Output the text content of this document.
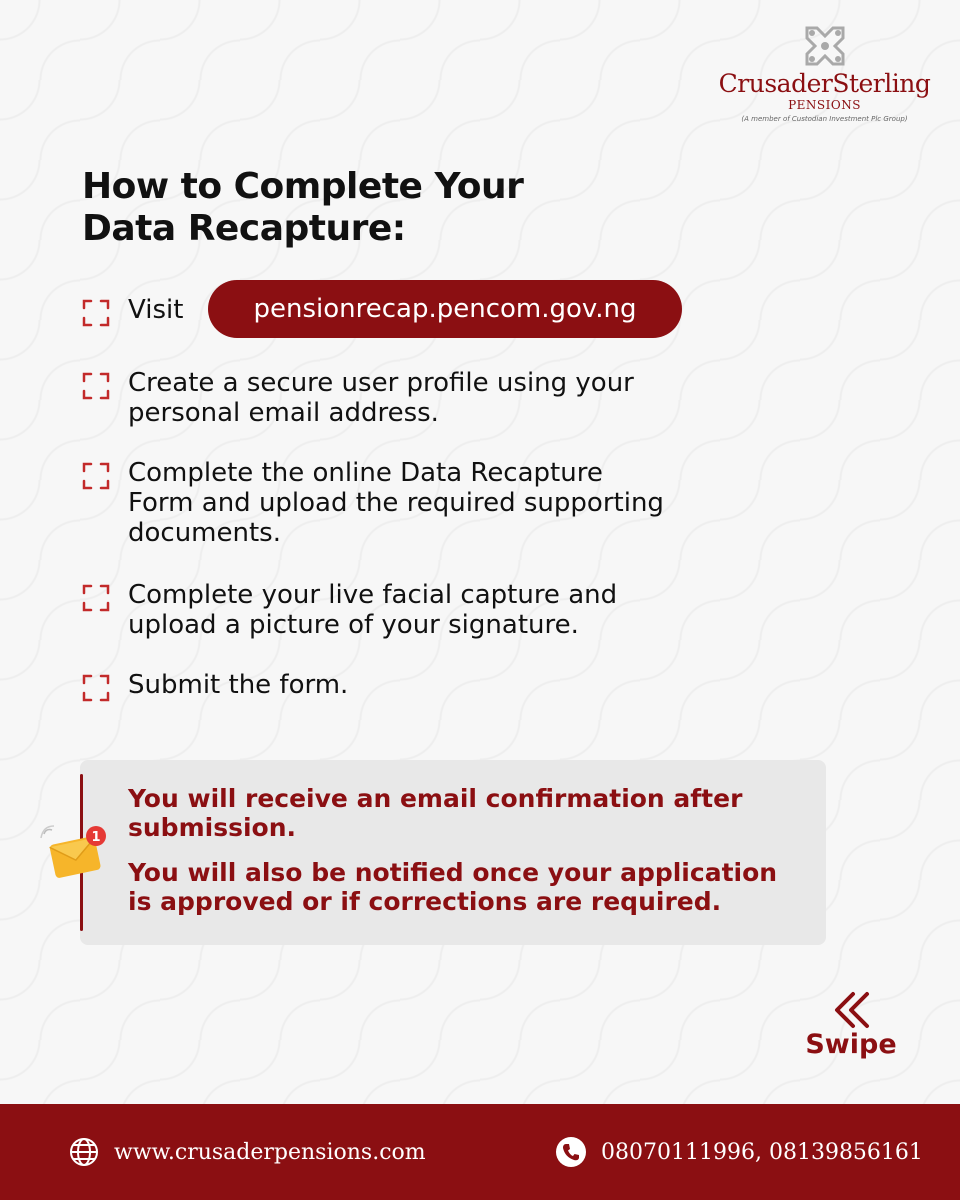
CrusaderSterling
PENSIONS
(A member of Custodian Investment Plc Group)
How to Complete Your
Data Recapture:
Visit	pensionrecap.pencom.gov.ng
Create a secure user profile using your
personal email address.
Complete the online Data Recapture
Form and upload the required supporting
documents.
Complete your live facial capture and
upload a picture of your signature.
Submit the form.
You will receive an email confirmation after
submission.
You will also be notified once your application
is approved or if corrections are required.
1
Swipe
www.crusaderpensions.com	08070111996, 08139856161
